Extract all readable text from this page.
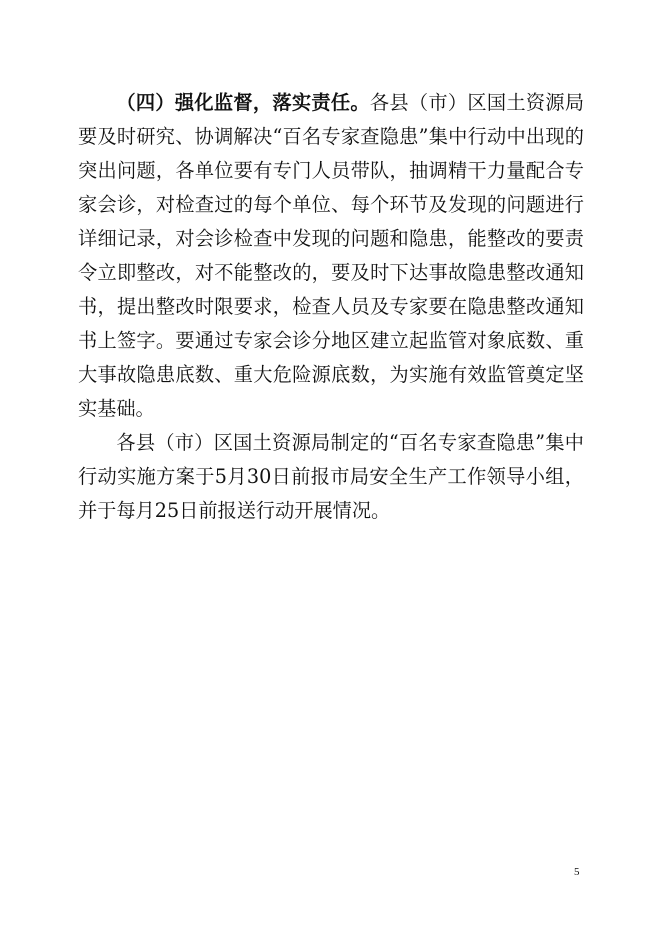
（四）强化监督，落实责任。各县（市）区国土资源局要及时研究、协调解决“百名专家查隐患”集中行动中出现的突出问题，各单位要有专门人员带队，抽调精干力量配合专家会诊，对检查过的每个单位、每个环节及发现的问题进行详细记录，对会诊检查中发现的问题和隐患，能整改的要责令立即整改，对不能整改的，要及时下达事故隐患整改通知书，提出整改时限要求，检查人员及专家要在隐患整改通知书上签字。要通过专家会诊分地区建立起监管对象底数、重大事故隐患底数、重大危险源底数，为实施有效监管奠定坚实基础。

各县（市）区国土资源局制定的“百名专家查隐患”集中行动实施方案于5月30日前报市局安全生产工作领导小组，并于每月25日前报送行动开展情况。

5
